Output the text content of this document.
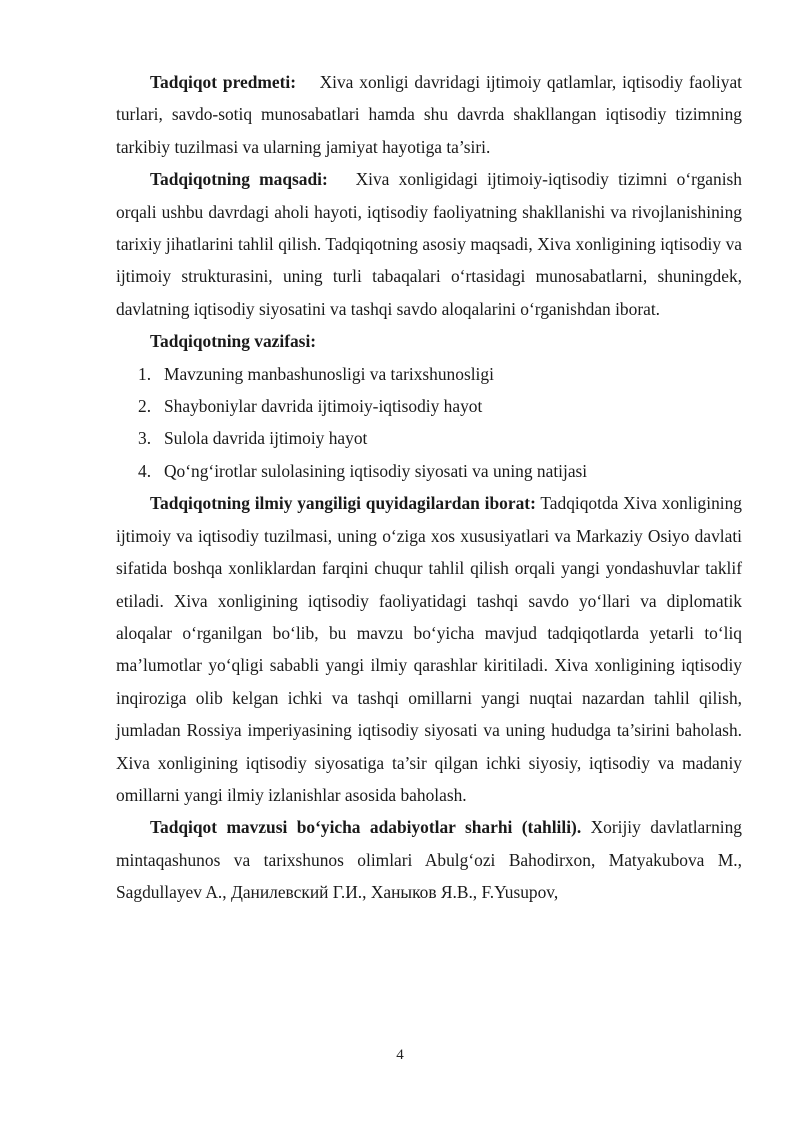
Tadqiqot predmeti: Xiva xonligi davridagi ijtimoiy qatlamlar, iqtisodiy faoliyat turlari, savdo-sotiq munosabatlari hamda shu davrda shakllangan iqtisodiy tizimning tarkibiy tuzilmasi va ularning jamiyat hayotiga ta’siri.

Tadqiqotning maqsadi: Xiva xonligidagi ijtimoiy-iqtisodiy tizimni o‘rganish orqali ushbu davrdagi aholi hayoti, iqtisodiy faoliyatning shakllanishi va rivojlanishining tarixiy jihatlarini tahlil qilish. Tadqiqotning asosiy maqsadi, Xiva xonligining iqtisodiy va ijtimoiy strukturasini, uning turli tabaqalari o‘rtasidagi munosabatlarni, shuningdek, davlatning iqtisodiy siyosatini va tashqi savdo aloqalarini o‘rganishdan iborat.

Tadqiqotning vazifasi:

1. Mavzuning manbashunosligi va tarixshunosligi
2. Shayboniylar davrida ijtimoiy-iqtisodiy hayot
3. Sulola davrida ijtimoiy hayot
4. Qo‘ng‘irotlar sulolasining iqtisodiy siyosati va uning natijasi

Tadqiqotning ilmiy yangiligi quyidagilardan iborat: Tadqiqotda Xiva xonligining ijtimoiy va iqtisodiy tuzilmasi, uning o‘ziga xos xususiyatlari va Markaziy Osiyo davlati sifatida boshqa xonliklardan farqini chuqur tahlil qilish orqali yangi yondashuvlar taklif etiladi. Xiva xonligining iqtisodiy faoliyatidagi tashqi savdo yo‘llari va diplomatik aloqalar o‘rganilgan bo‘lib, bu mavzu bo‘yicha mavjud tadqiqotlarda yetarli to‘liq ma’lumotlar yo‘qligi sababli yangi ilmiy qarashlar kiritiladi. Xiva xonligining iqtisodiy inqiroziga olib kelgan ichki va tashqi omillarni yangi nuqtai nazardan tahlil qilish, jumladan Rossiya imperiyasining iqtisodiy siyosati va uning hududga ta’sirini baholash. Xiva xonligining iqtisodiy siyosatiga ta’sir qilgan ichki siyosiy, iqtisodiy va madaniy omillarni yangi ilmiy izlanishlar asosida baholash.

Tadqiqot mavzusi bo‘yicha adabiyotlar sharhi (tahlili). Xorijiy davlatlarning mintaqashunos va tarixshunos olimlari Abulg‘ozi Bahodirxon, Matyakubova M., Sagdullayev A., Данилевский Г.И., Ханыков Я.В., F.Yusupov,

4
